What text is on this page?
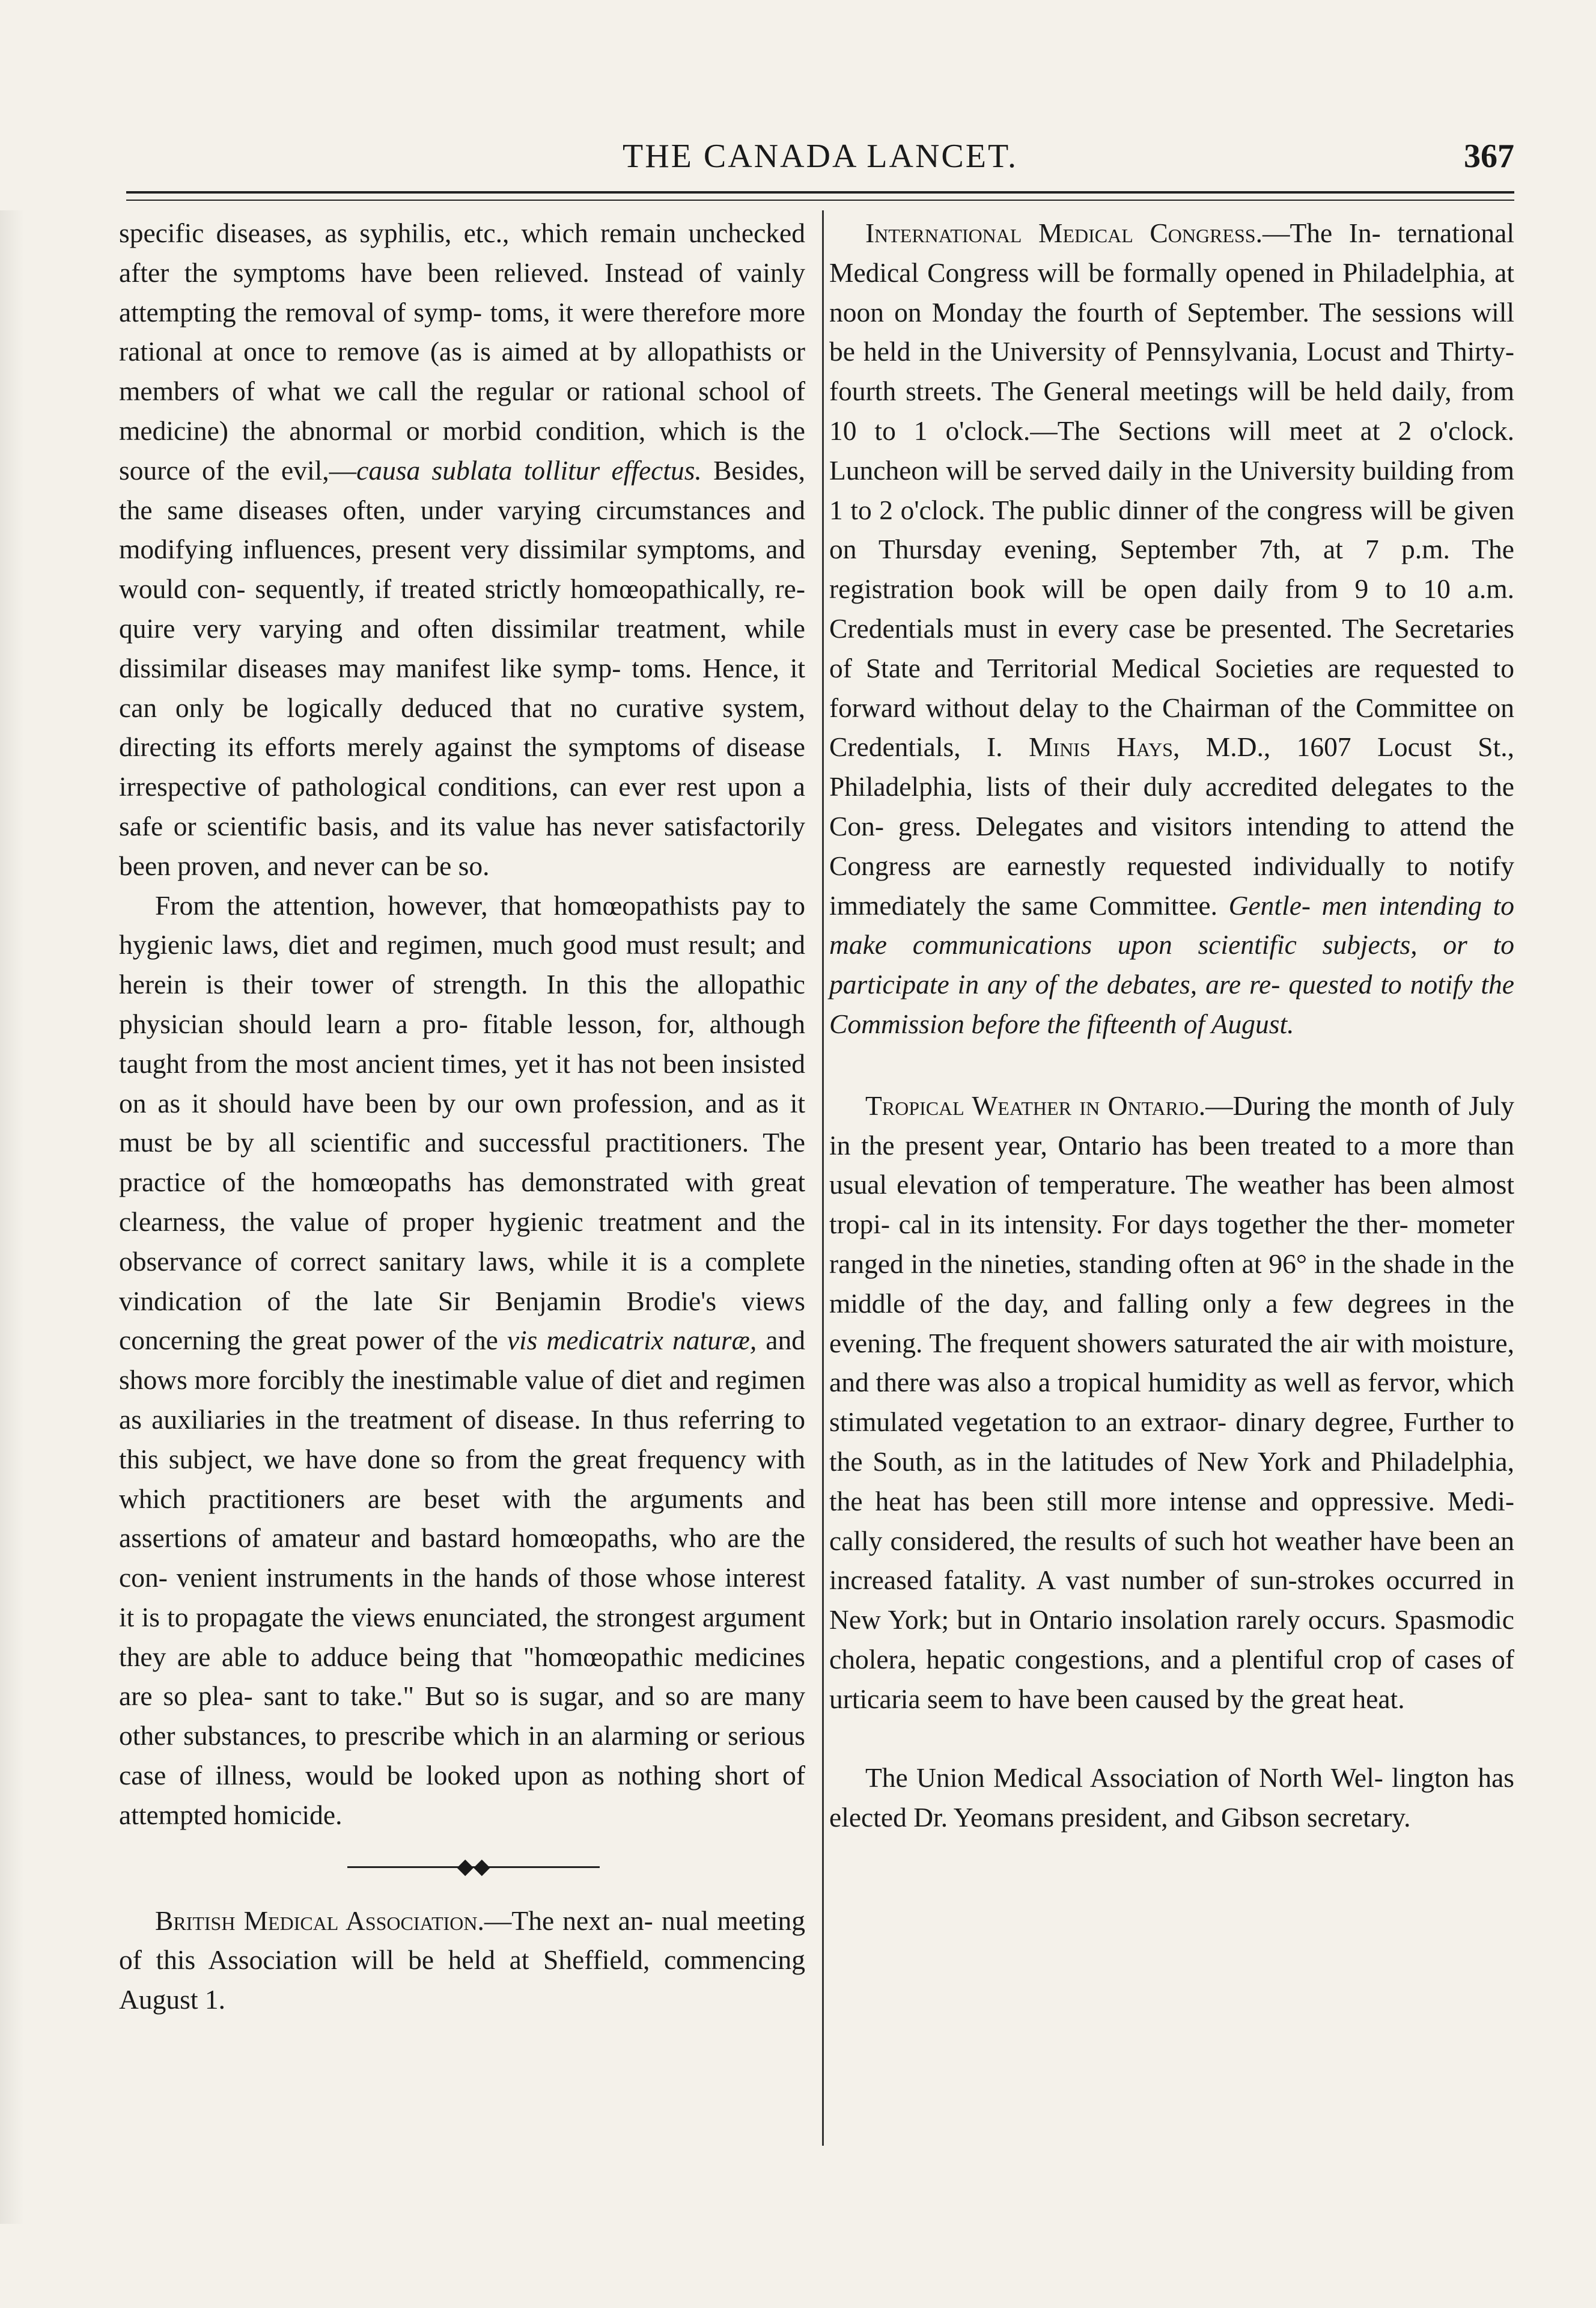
THE CANADA LANCET.	367

specific diseases, as syphilis, etc., which remain unchecked after the symptoms have been relieved. Instead of vainly attempting the removal of symp- toms, it were therefore more rational at once to remove (as is aimed at by allopathists or members of what we call the regular or rational school of medicine) the abnormal or morbid condition, which is the source of the evil,—causa sublata tollitur effectus. Besides, the same diseases often, under varying circumstances and modifying influences, present very dissimilar symptoms, and would con- sequently, if treated strictly homœopathically, re- quire very varying and often dissimilar treatment, while dissimilar diseases may manifest like symp- toms. Hence, it can only be logically deduced that no curative system, directing its efforts merely against the symptoms of disease irrespective of pathological conditions, can ever rest upon a safe or scientific basis, and its value has never satisfactorily been proven, and never can be so.

From the attention, however, that homœopathists pay to hygienic laws, diet and regimen, much good must result; and herein is their tower of strength. In this the allopathic physician should learn a pro- fitable lesson, for, although taught from the most ancient times, yet it has not been insisted on as it should have been by our own profession, and as it must be by all scientific and successful practitioners. The practice of the homœopaths has demonstrated with great clearness, the value of proper hygienic treatment and the observance of correct sanitary laws, while it is a complete vindication of the late Sir Benjamin Brodie's views concerning the great power of the vis medicatrix naturæ, and shows more forcibly the inestimable value of diet and regimen as auxiliaries in the treatment of disease. In thus referring to this subject, we have done so from the great frequency with which practitioners are beset with the arguments and assertions of amateur and bastard homœopaths, who are the con- venient instruments in the hands of those whose interest it is to propagate the views enunciated, the strongest argument they are able to adduce being that "homœopathic medicines are so plea- sant to take." But so is sugar, and so are many other substances, to prescribe which in an alarming or serious case of illness, would be looked upon as nothing short of attempted homicide.

◆◆

British Medical Association.—The next an- nual meeting of this Association will be held at Sheffield, commencing August 1.

International Medical Congress.—The In- ternational Medical Congress will be formally opened in Philadelphia, at noon on Monday the fourth of September. The sessions will be held in the University of Pennsylvania, Locust and Thirty- fourth streets. The General meetings will be held daily, from 10 to 1 o'clock.—The Sections will meet at 2 o'clock. Luncheon will be served daily in the University building from 1 to 2 o'clock. The public dinner of the congress will be given on Thursday evening, September 7th, at 7 p.m. The registration book will be open daily from 9 to 10 a.m. Credentials must in every case be presented. The Secretaries of State and Territorial Medical Societies are requested to forward without delay to the Chairman of the Committee on Credentials, I. Minis Hays, M.D., 1607 Locust St., Philadelphia, lists of their duly accredited delegates to the Con- gress. Delegates and visitors intending to attend the Congress are earnestly requested individually to notify immediately the same Committee. Gentle- men intending to make communications upon scientific subjects, or to participate in any of the debates, are re- quested to notify the Commission before the fifteenth of August.

Tropical Weather in Ontario.—During the month of July in the present year, Ontario has been treated to a more than usual elevation of temperature. The weather has been almost tropi- cal in its intensity. For days together the ther- mometer ranged in the nineties, standing often at 96° in the shade in the middle of the day, and falling only a few degrees in the evening. The frequent showers saturated the air with moisture, and there was also a tropical humidity as well as fervor, which stimulated vegetation to an extraor- dinary degree, Further to the South, as in the latitudes of New York and Philadelphia, the heat has been still more intense and oppressive. Medi- cally considered, the results of such hot weather have been an increased fatality. A vast number of sun-strokes occurred in New York; but in Ontario insolation rarely occurs. Spasmodic cholera, hepatic congestions, and a plentiful crop of cases of urticaria seem to have been caused by the great heat.

The Union Medical Association of North Wel- lington has elected Dr. Yeomans president, and Gibson secretary.
